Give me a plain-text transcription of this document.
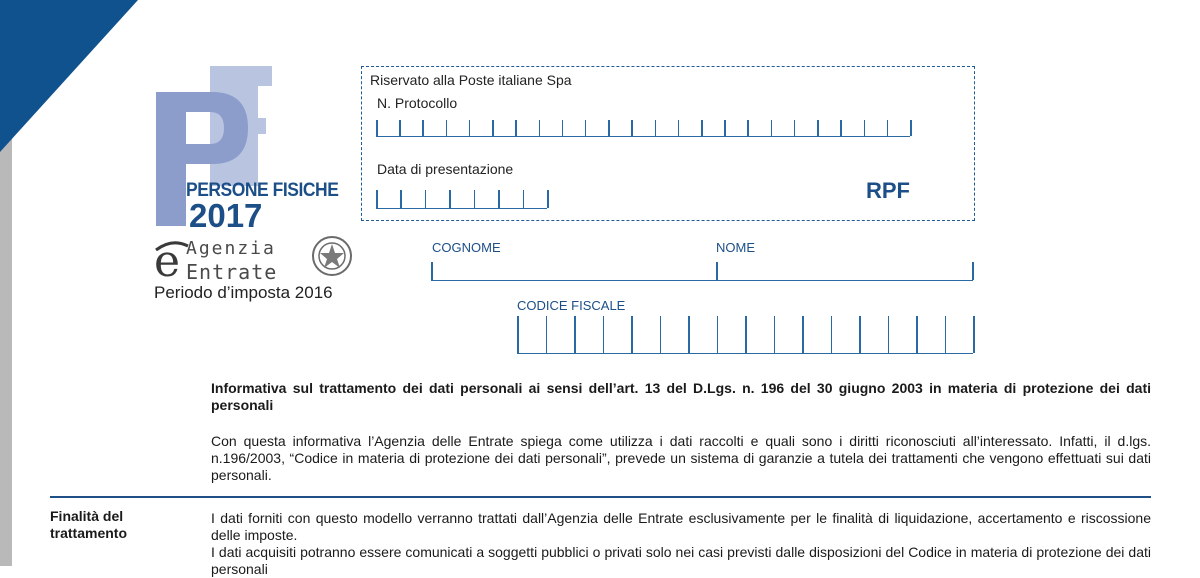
PERSONE FISICHE
2017
e Agenzia
Entrate
Periodo d’imposta 2016
Riservato alla Poste italiane Spa
N. Protocollo
Data di presentazione
RPF
COGNOME	NOME
CODICE FISCALE
Informativa sul trattamento dei dati personali ai sensi dell’art. 13 del D.Lgs. n. 196 del 30 giugno 2003 in materia di protezione dei dati personali
Con questa informativa l’Agenzia delle Entrate spiega come utilizza i dati raccolti e quali sono i diritti riconosciuti all’interessato. Infatti, il d.lgs. n.196/2003, “Codice in materia di protezione dei dati personali”, prevede un sistema di garanzie a tutela dei trattamenti che vengono effettuati sui dati personali.
Finalità del trattamento
I dati forniti con questo modello verranno trattati dall’Agenzia delle Entrate esclusivamente per le finalità di liquidazione, accertamento e riscossione delle imposte.
I dati acquisiti potranno essere comunicati a soggetti pubblici o privati solo nei casi previsti dalle disposizioni del Codice in materia di protezione dei dati personali
